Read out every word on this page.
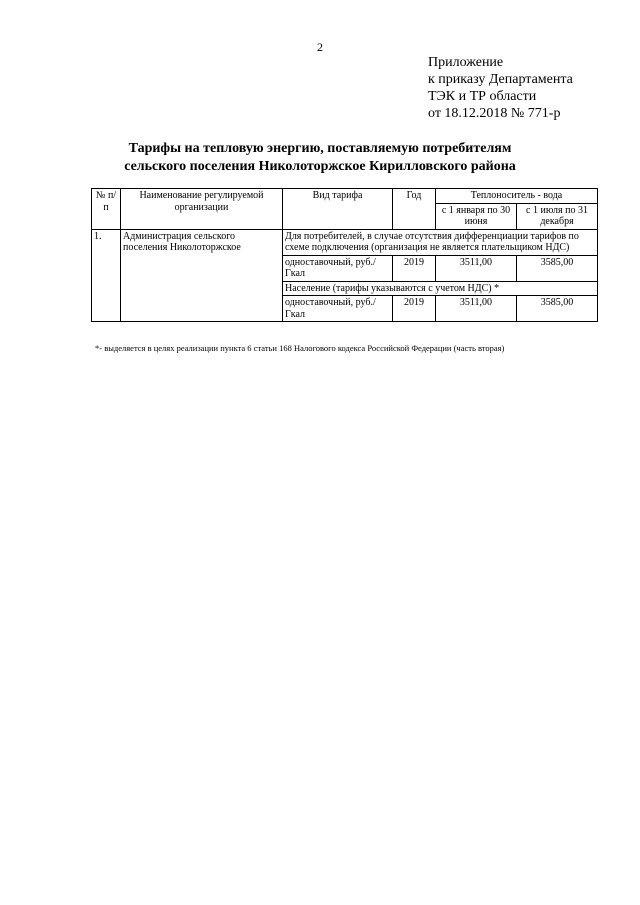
2
Приложение
к приказу Департамента
ТЭК и ТР области
от 18.12.2018 № 771-р
Тарифы на тепловую энергию, поставляемую потребителям
сельского поселения Николоторжское Кирилловского района
№ п/п	Наименование регулируемой организации	Вид тарифа	Год	Теплоноситель - вода	
				с 1 января по 30 июня	с 1 июля по 31 декабря
1.	Администрация сельского поселения Николоторжское	Для потребителей, в случае отсутствия дифференциации тарифов по схеме подключения (организация не является плательщиком НДС)			
		одноставочный, руб./Гкал	2019	3511,00	3585,00
		Население (тарифы указываются с учетом НДС) *			
		одноставочный, руб./Гкал	2019	3511,00	3585,00
*- выделяется в целях реализации пункта 6 статьи 168 Налогового кодекса Российской Федерации (часть вторая)
